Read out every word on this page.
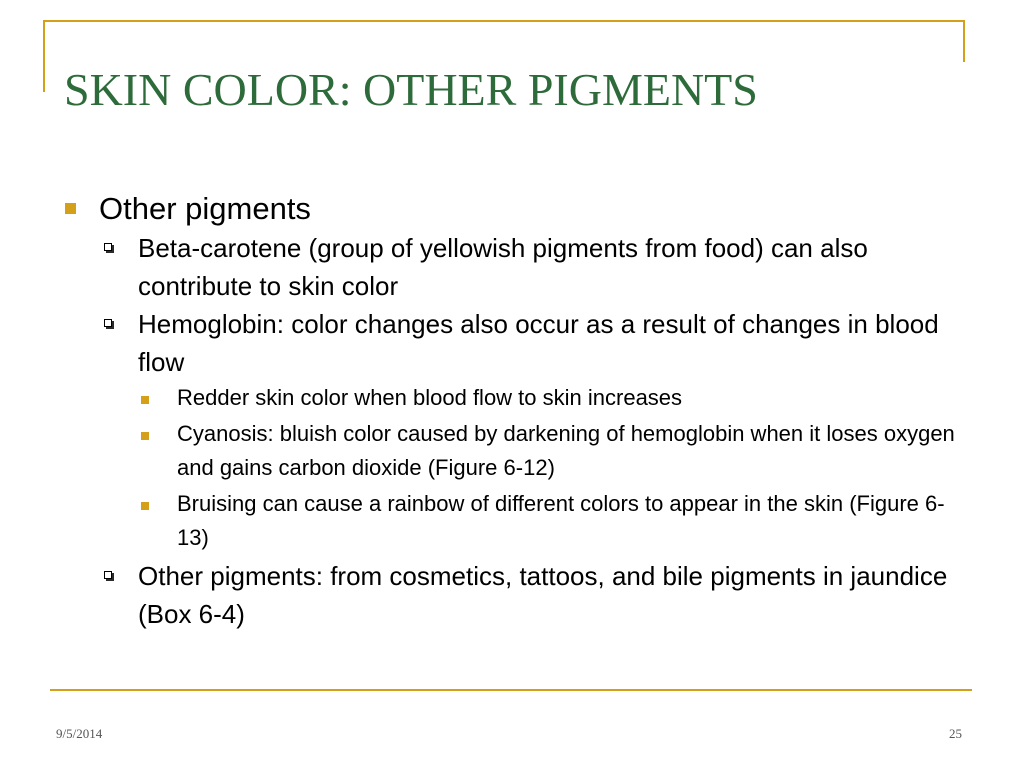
SKIN COLOR: OTHER PIGMENTS
Other pigments
Beta-carotene (group of yellowish pigments from food) can also contribute to skin color
Hemoglobin: color changes also occur as a result of changes in blood flow
Redder skin color when blood flow to skin increases
Cyanosis: bluish color caused by darkening of hemoglobin when it loses oxygen and gains carbon dioxide (Figure 6-12)
Bruising can cause a rainbow of different colors to appear in the skin (Figure 6-13)
Other pigments: from cosmetics, tattoos, and bile pigments in jaundice (Box 6-4)
9/5/2014	25
